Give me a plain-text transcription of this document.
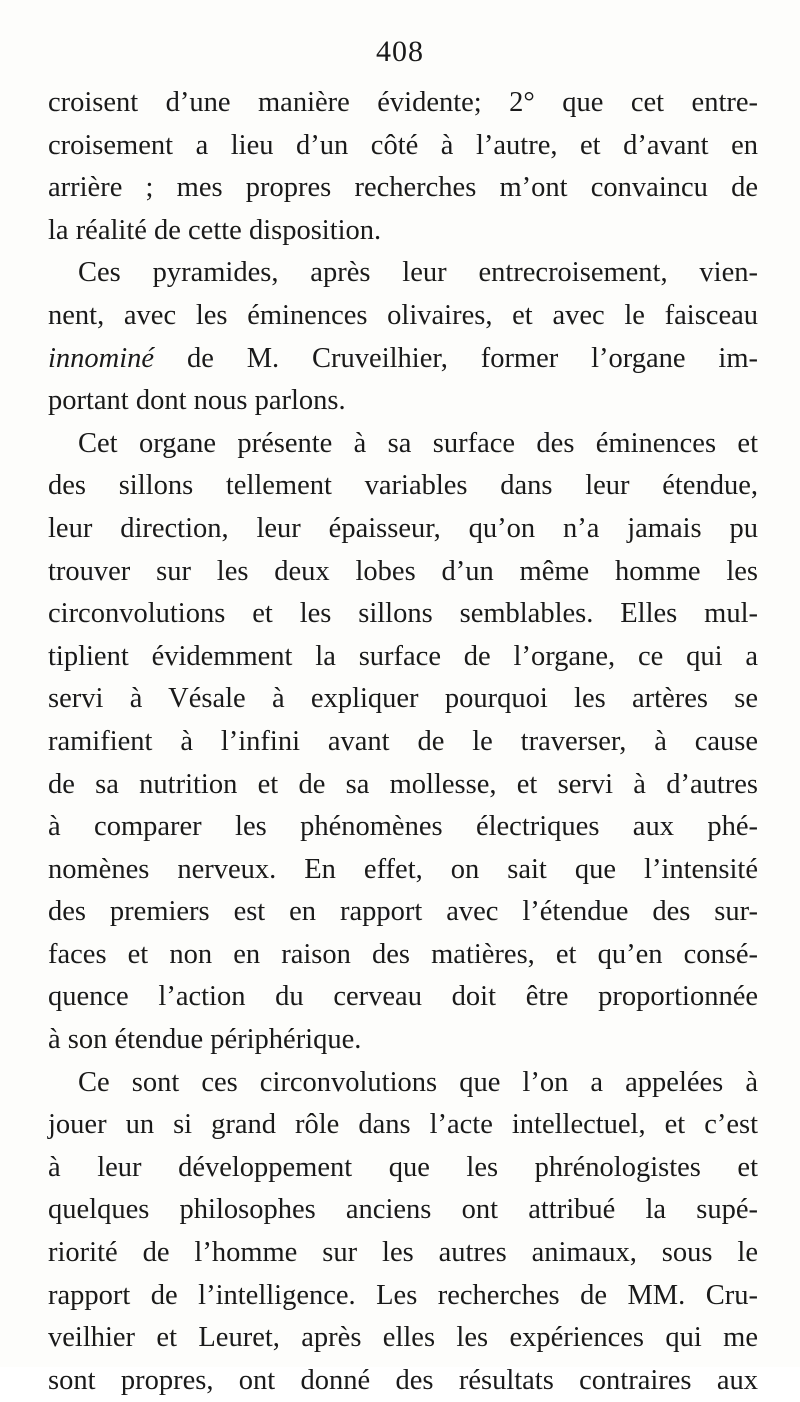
408
croisent d’une manière évidente; 2° que cet entre-
croisement a lieu d’un côté à l’autre, et d’avant en
arrière ; mes propres recherches m’ont convaincu de
la réalité de cette disposition.
Ces pyramides, après leur entrecroisement, vien-
nent, avec les éminences olivaires, et avec le faisceau
innominé de M. Cruveilhier, former l’organe im-
portant dont nous parlons.
Cet organe présente à sa surface des éminences et
des sillons tellement variables dans leur étendue,
leur direction, leur épaisseur, qu’on n’a jamais pu
trouver sur les deux lobes d’un même homme les
circonvolutions et les sillons semblables. Elles mul-
tiplient évidemment la surface de l’organe, ce qui a
servi à Vésale à expliquer pourquoi les artères se
ramifient à l’infini avant de le traverser, à cause
de sa nutrition et de sa mollesse, et servi à d’autres
à comparer les phénomènes électriques aux phé-
nomènes nerveux. En effet, on sait que l’intensité
des premiers est en rapport avec l’étendue des sur-
faces et non en raison des matières, et qu’en consé-
quence l’action du cerveau doit être proportionnée
à son étendue périphérique.
Ce sont ces circonvolutions que l’on a appelées à
jouer un si grand rôle dans l’acte intellectuel, et c’est
à leur développement que les phrénologistes et
quelques philosophes anciens ont attribué la supé-
riorité de l’homme sur les autres animaux, sous le
rapport de l’intelligence. Les recherches de MM. Cru-
veilhier et Leuret, après elles les expériences qui me
sont propres, ont donné des résultats contraires aux
